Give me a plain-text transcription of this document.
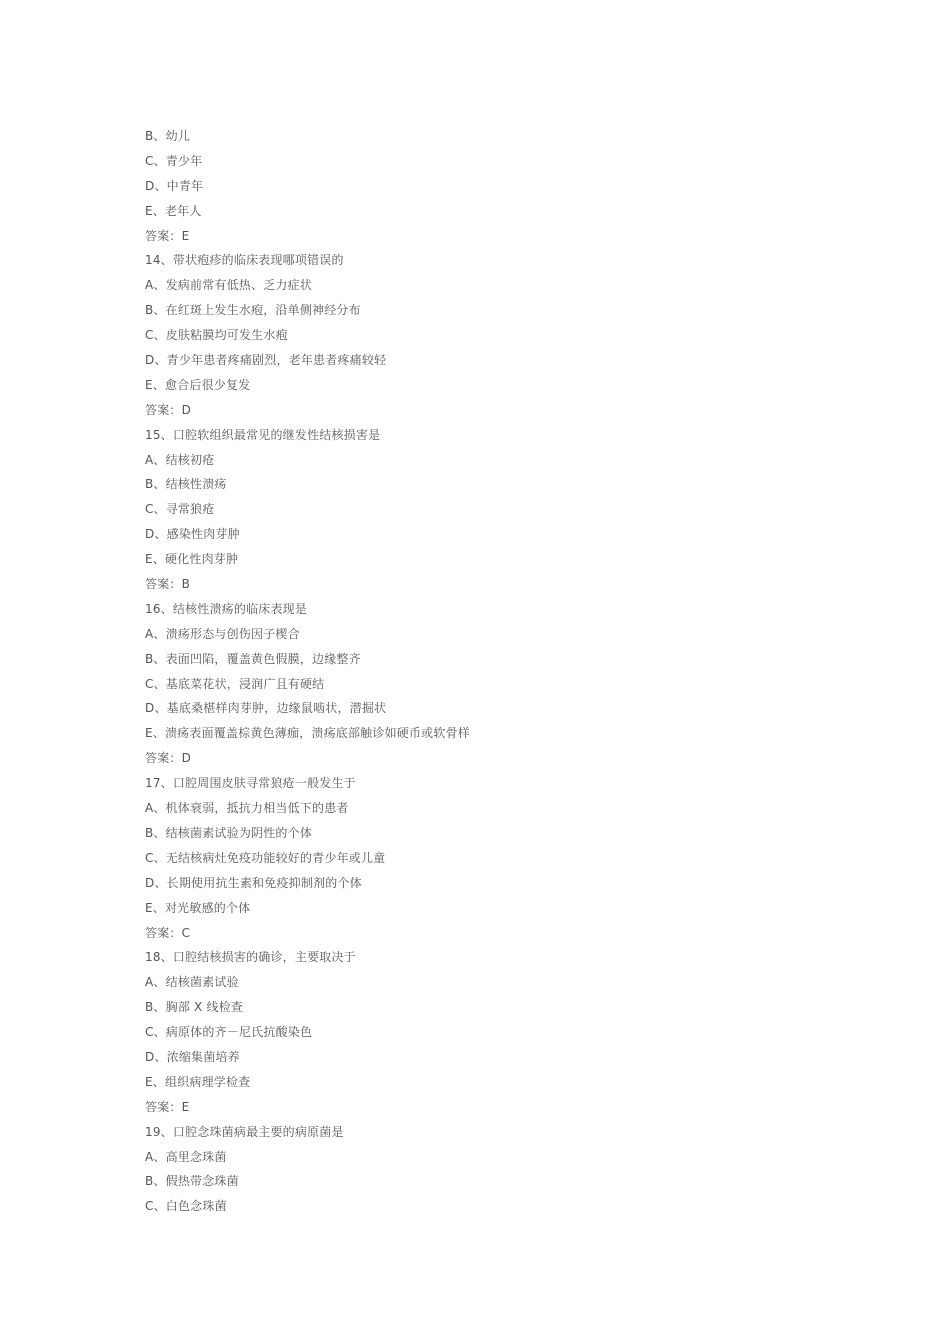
B、幼儿
C、青少年
D、中青年
E、老年人
答案：E
14、带状疱疹的临床表现哪项错误的
A、发病前常有低热、乏力症状
B、在红斑上发生水疱，沿单侧神经分布
C、皮肤粘膜均可发生水疱
D、青少年患者疼痛剧烈，老年患者疼痛较轻
E、愈合后很少复发
答案：D
15、口腔软组织最常见的继发性结核损害是
A、结核初疮
B、结核性溃疡
C、寻常狼疮
D、感染性肉芽肿
E、硬化性肉芽肿
答案：B
16、结核性溃疡的临床表现是
A、溃疡形态与创伤因子楔合
B、表面凹陷，覆盖黄色假膜，边缘整齐
C、基底菜花状，浸润广且有硬结
D、基底桑椹样肉芽肿，边缘鼠啮状，潜掘状
E、溃疡表面覆盖棕黄色薄痂，溃疡底部触诊如硬币或软骨样
答案：D
17、口腔周围皮肤寻常狼疮一般发生于
A、机体衰弱，抵抗力相当低下的患者
B、结核菌素试验为阴性的个体
C、无结核病灶免疫功能较好的青少年或儿童
D、长期使用抗生素和免疫抑制剂的个体
E、对光敏感的个体
答案：C
18、口腔结核损害的确诊，主要取决于
A、结核菌素试验
B、胸部 X 线检查
C、病原体的齐－尼氏抗酸染色
D、浓缩集菌培养
E、组织病理学检查
答案：E
19、口腔念珠菌病最主要的病原菌是
A、高里念珠菌
B、假热带念珠菌
C、白色念珠菌
